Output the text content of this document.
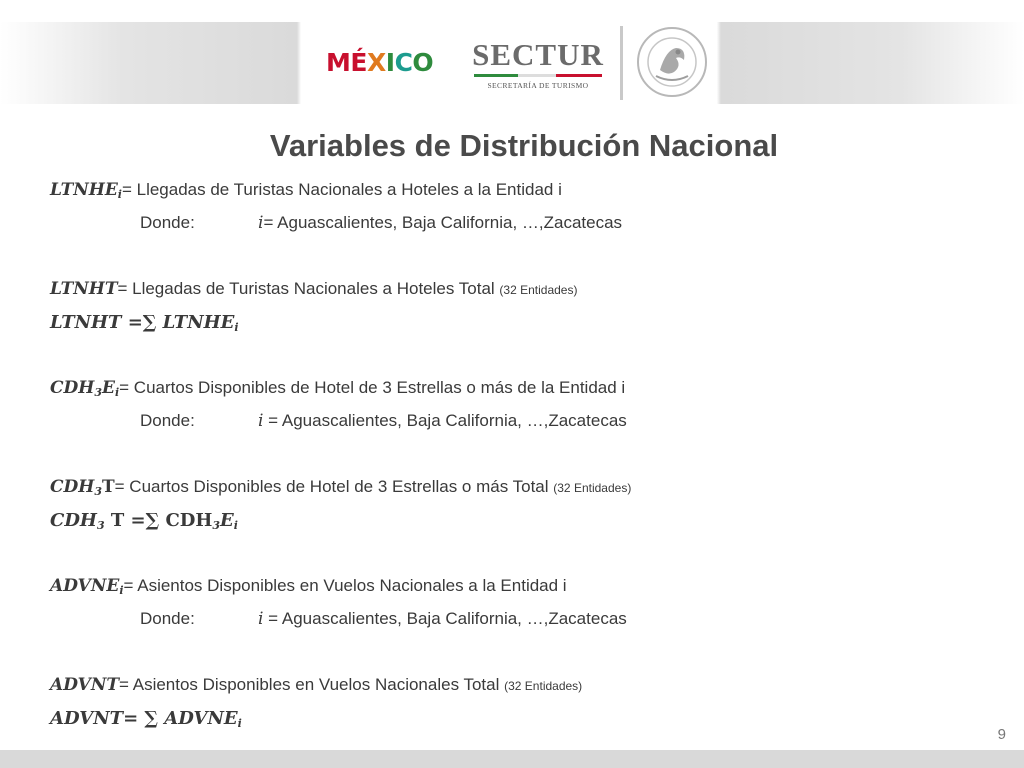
MÉXICO SECTUR
SECRETARÍA DE TURISMO
Variables de Distribución Nacional
$LTNHE_i=$ Llegadas de Turistas Nacionales a Hoteles a la Entidad i
Donde:	i= Aguascalientes, Baja California, …,Zacatecas
LTNHT= Llegadas de Turistas Nacionales a Hoteles Total (32 Entidades)
LTNHT =∑ $LTNHE_i$
$CDH_3E_i=$ Cuartos Disponibles de Hotel de 3 Estrellas o más de la Entidad i
Donde:	i = Aguascalientes, Baja California, …,Zacatecas
$CDH_3T=$ Cuartos Disponibles de Hotel de 3 Estrellas o más Total (32 Entidades)
$CDH_3$ T =∑ $CDH_3E_i$
$ADVNE_i=$ Asientos Disponibles en Vuelos Nacionales a la Entidad i
Donde:	i = Aguascalientes, Baja California, …,Zacatecas
ADVNT= Asientos Disponibles en Vuelos Nacionales Total (32 Entidades)
ADVNT= ∑ $ADVNE_i$
9
